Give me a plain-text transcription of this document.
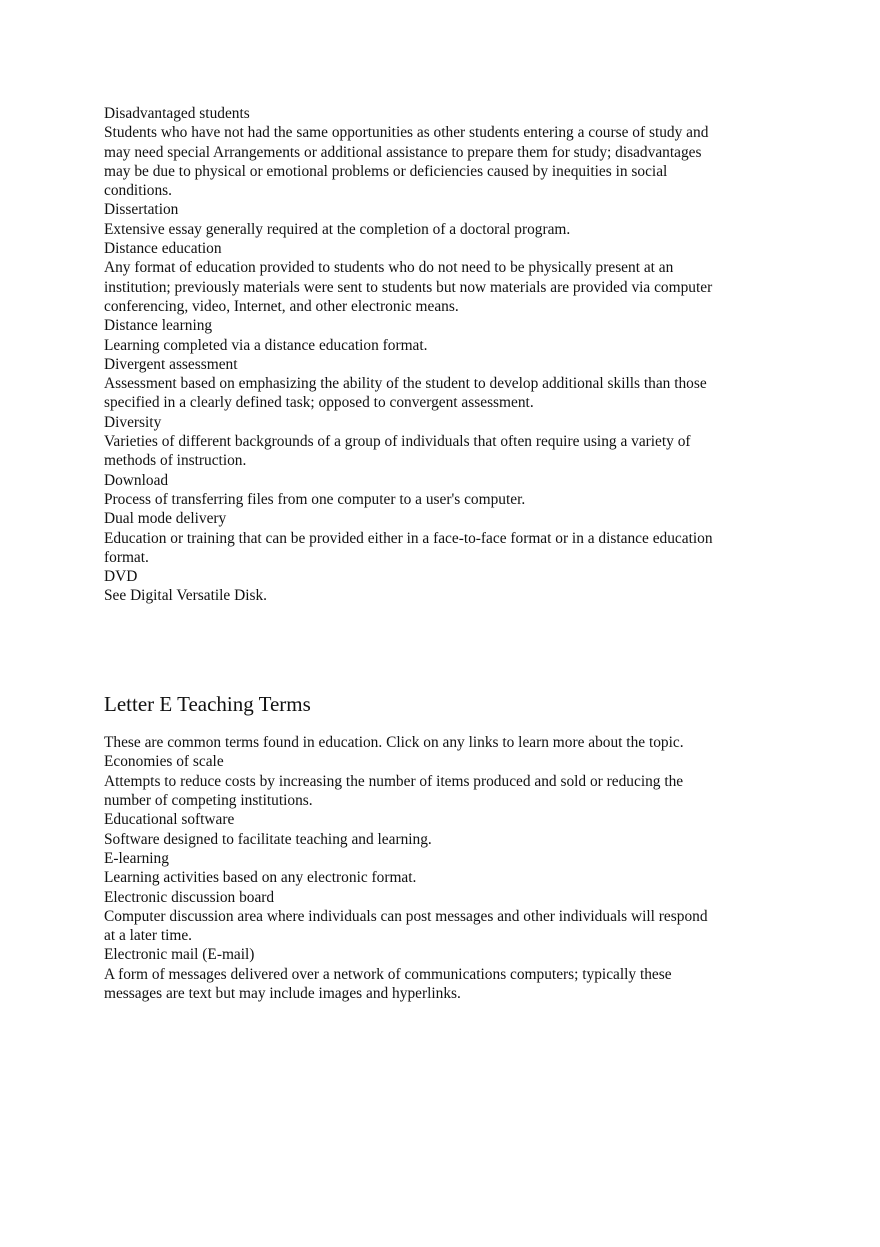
Disadvantaged students
Students who have not had the same opportunities as other students entering a course of study and may need special Arrangements or additional assistance to prepare them for study; disadvantages may be due to physical or emotional problems or deficiencies caused by inequities in social conditions.
Dissertation
Extensive essay generally required at the completion of a doctoral program.
Distance education
Any format of education provided to students who do not need to be physically present at an institution; previously materials were sent to students but now materials are provided via computer conferencing, video, Internet, and other electronic means.
Distance learning
Learning completed via a distance education format.
Divergent assessment
Assessment based on emphasizing the ability of the student to develop additional skills than those specified in a clearly defined task; opposed to convergent assessment.
Diversity
Varieties of different backgrounds of a group of individuals that often require using a variety of methods of instruction.
Download
Process of transferring files from one computer to a user's computer.
Dual mode delivery
Education or training that can be provided either in a face-to-face format or in a distance education format.
DVD
See Digital Versatile Disk.
Letter E Teaching Terms
These are common terms found in education. Click on any links to learn more about the topic.
Economies of scale
Attempts to reduce costs by increasing the number of items produced and sold or reducing the number of competing institutions.
Educational software
Software designed to facilitate teaching and learning.
E-learning
Learning activities based on any electronic format.
Electronic discussion board
Computer discussion area where individuals can post messages and other individuals will respond at a later time.
Electronic mail (E-mail)
A form of messages delivered over a network of communications computers; typically these messages are text but may include images and hyperlinks.
